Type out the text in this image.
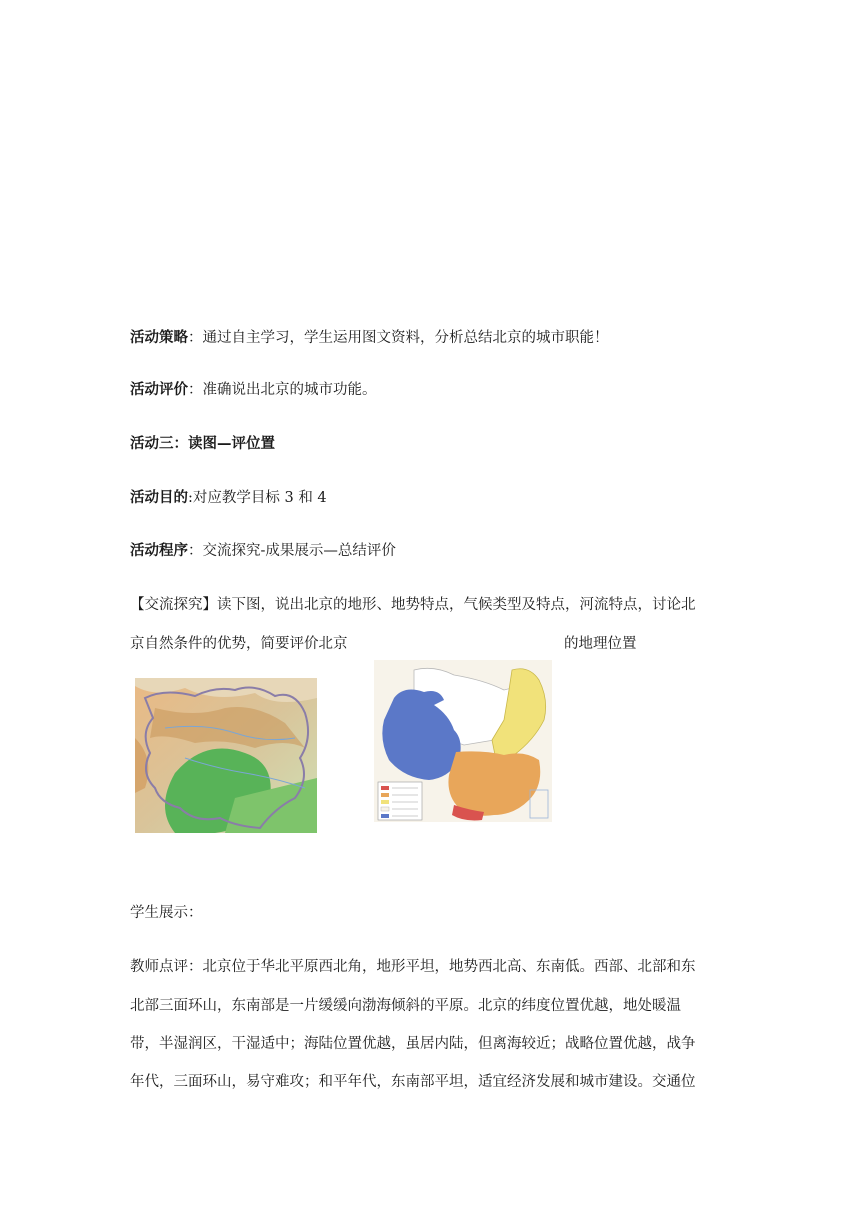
活动策略：通过自主学习，学生运用图文资料，分析总结北京的城市职能！
活动评价：准确说出北京的城市功能。
活动三：读图—评位置
活动目的:对应教学目标 3 和 4
活动程序：交流探究-成果展示—总结评价
【交流探究】读下图，说出北京的地形、地势特点，气候类型及特点，河流特点，讨论北
京自然条件的优势，简要评价北京	的地理位置
学生展示：
教师点评：北京位于华北平原西北角，地形平坦，地势西北高、东南低。西部、北部和东
北部三面环山，东南部是一片缓缓向渤海倾斜的平原。北京的纬度位置优越，地处暖温
带，半湿润区，干湿适中；海陆位置优越，虽居内陆，但离海较近；战略位置优越，战争
年代，三面环山，易守难攻；和平年代，东南部平坦，适宜经济发展和城市建设。交通位
